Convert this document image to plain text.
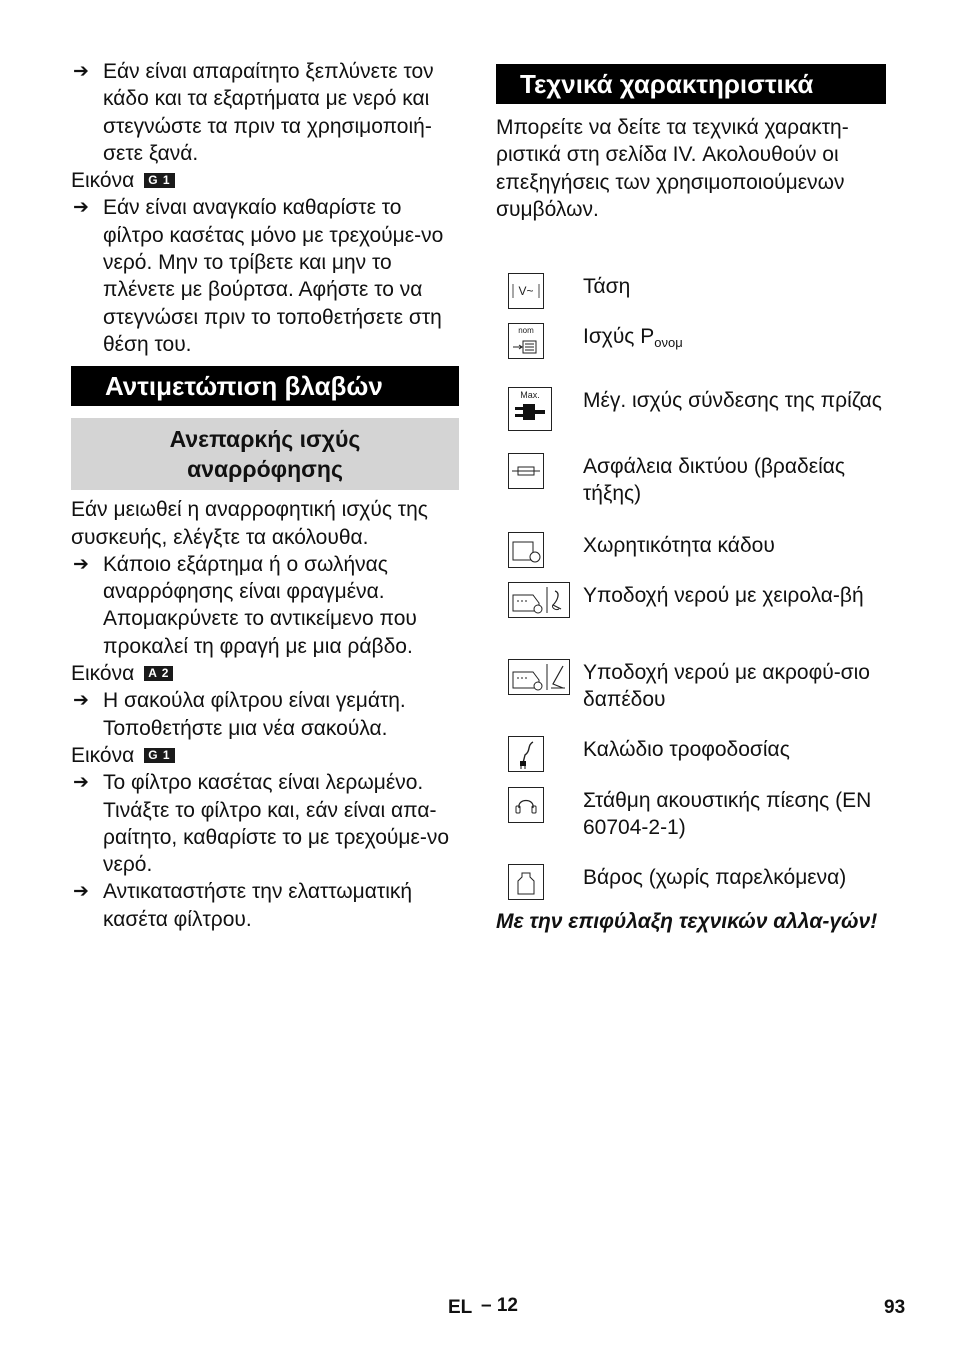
➔ Εάν είναι απαραίτητο ξεπλύνετε τον κάδο και τα εξαρτήματα με νερό και στεγνώστε τα πριν τα χρησιμοποιή-σετε ξανά.
Εικόνα	G 1
➔ Εάν είναι αναγκαίο καθαρίστε το φίλτρο κασέτας μόνο με τρεχούμε-νο νερό. Μην το τρίβετε και μην το πλένετε με βούρτσα. Αφήστε το να στεγνώσει πριν το τοποθετήσετε στη θέση του.
Αντιμετώπιση βλαβών
Ανεπαρκής ισχύς
αναρρόφησης

Εάν μειωθεί η αναρροφητική ισχύς της συσκευής, ελέγξτε τα ακόλουθα.

➔ Κάποιο εξάρτημα ή ο σωλήνας αναρρόφησης είναι φραγμένα. Απομακρύνετε το αντικείμενο που προκαλεί τη φραγή με μια ράβδο.
Εικόνα	A 2
➔ Η σακούλα φίλτρου είναι γεμάτη. Τοποθετήστε μια νέα σακούλα.
Εικόνα	G 1
➔ Το φίλτρο κασέτας είναι λερωμένο. Τινάξτε το φίλτρο και, εάν είναι απα-ραίτητο, καθαρίστε το με τρεχούμε-νο νερό.
➔ Αντικαταστήστε την ελαττωματική κασέτα φίλτρου.
Τεχνικά χαρακτηριστικά

Μπορείτε να δείτε τα τεχνικά χαρακτη-ριστικά στη σελίδα IV. Ακολουθούν οι επεξηγήσεις των χρησιμοποιούμενων συμβόλων.

V~ Τάση
nom Ισχύς $P_{o\nu o\mu}$
Max. Μέγ. ισχύς σύνδεσης της πρίζας
Ασφάλεια δικτύου (βραδείας τήξης)
Χωρητικότητα κάδου
Υποδοχή νερού με χειρολα-βή
Υποδοχή νερού με ακροφύ-σιο δαπέδου
Καλώδιο τροφοδοσίας
Στάθμη ακουστικής πίεσης (EN 60704-2-1)
Βάρος (χωρίς παρελκόμενα)
Με την επιφύλαξη τεχνικών αλλα-γών!
EL – 12	93
